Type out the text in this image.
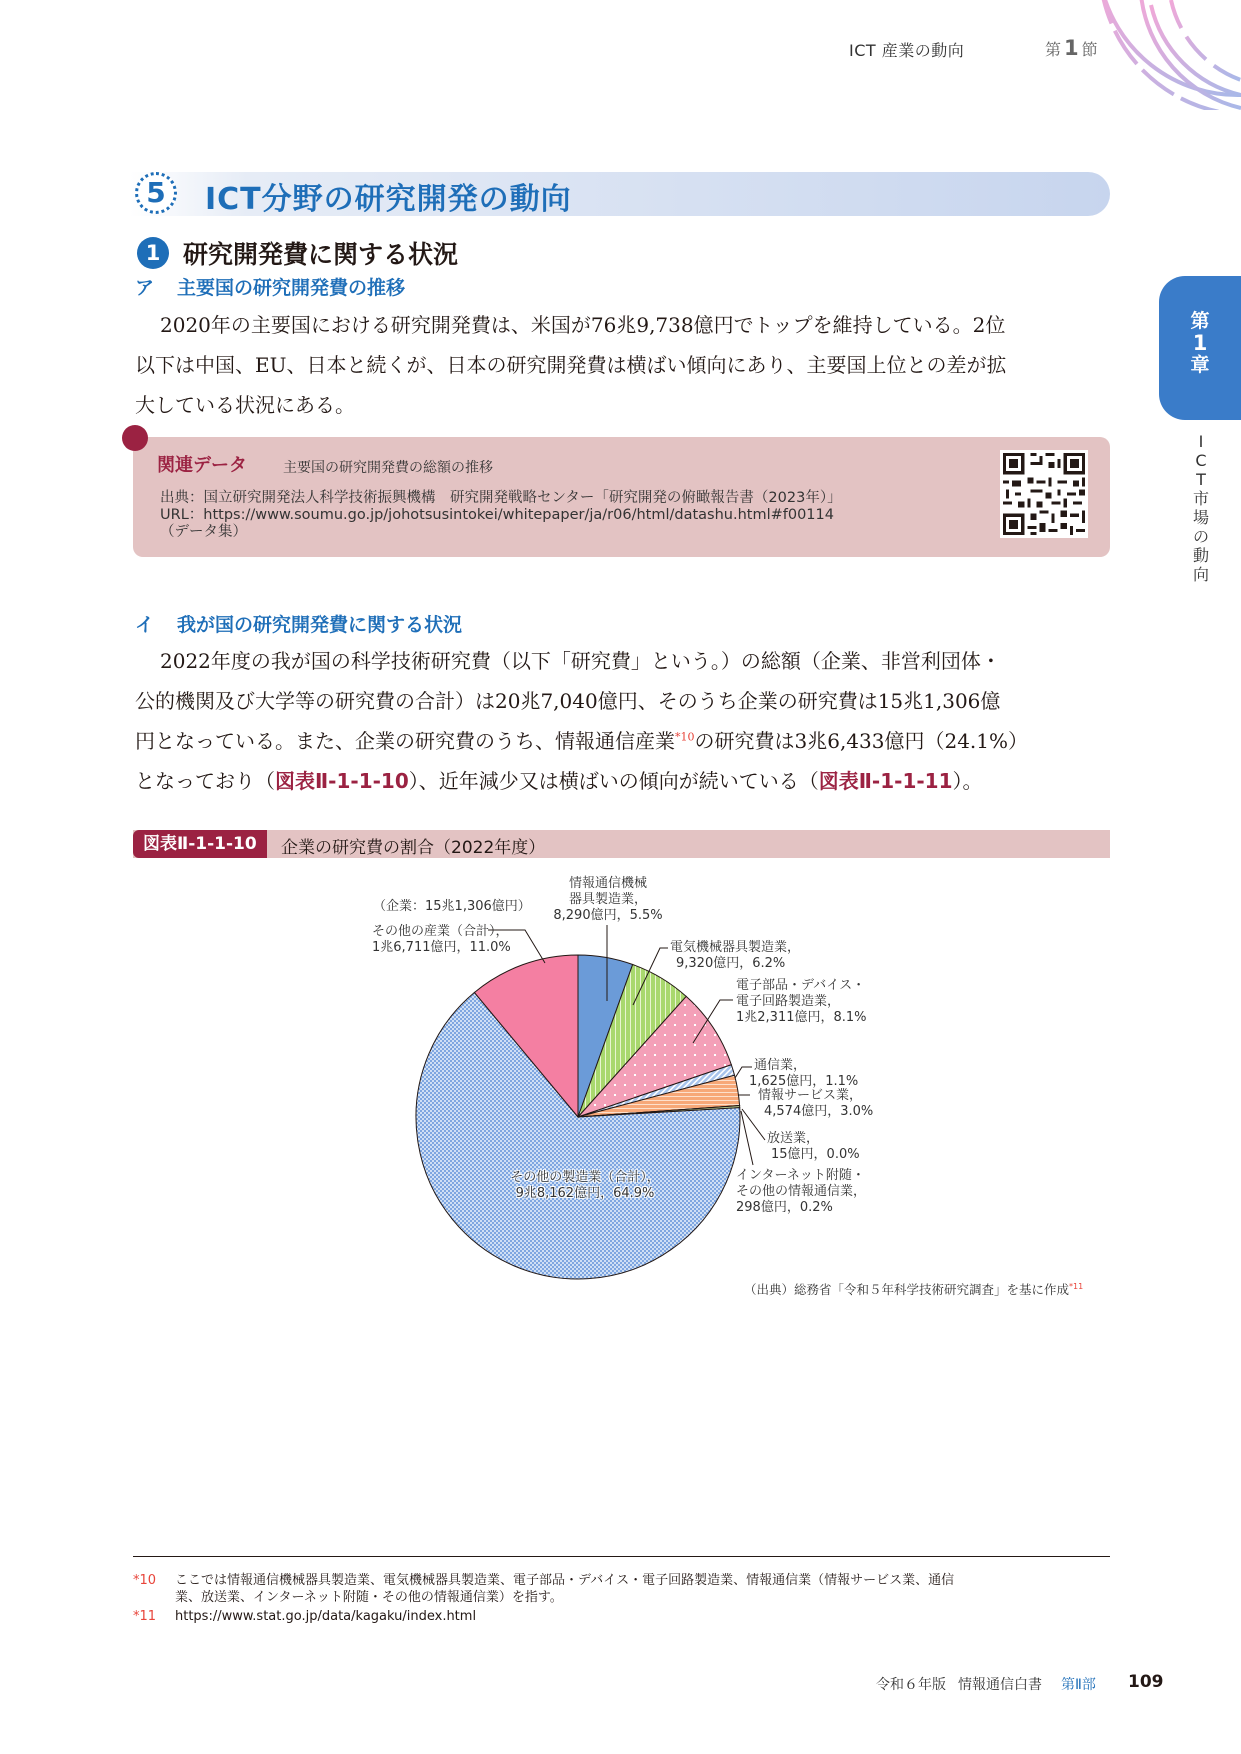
ICT 産業の動向	第 1 節
第
1
章
I
C
T
市
場
の
動
向
5	ICT分野の研究開発の動向
1 研究開発費に関する状況
ア 主要国の研究開発費の推移
2020年の主要国における研究開発費は、米国が76兆9,738億円でトップを維持している。2位
以下は中国、EU、日本と続くが、日本の研究開発費は横ばい傾向にあり、主要国上位との差が拡
大している状況にある。
関連データ	主要国の研究開発費の総額の推移
出典：国立研究開発法人科学技術振興機構　研究開発戦略センター「研究開発の俯瞰報告書（2023年）」
URL：https://www.soumu.go.jp/johotsusintokei/whitepaper/ja/r06/html/datashu.html#f00114
（データ集）
イ 我が国の研究開発費に関する状況
2022年度の我が国の科学技術研究費（以下「研究費」という。）の総額（企業、非営利団体・
公的機関及び大学等の研究費の合計）は20兆7,040億円、そのうち企業の研究費は15兆1,306億
円となっている。また、企業の研究費のうち、情報通信産業$^{*10}$の研究費は3兆6,433億円（24.1%）
となっており（図表Ⅱ-1-1-10）、近年減少又は横ばいの傾向が続いている（図表Ⅱ-1-1-11）。
図表Ⅱ-1-1-10	企業の研究費の割合（2022年度）
（企業：15兆1,306億円）
情報通信機械
器具製造業，
8,290億円，5.5%
その他の産業（合計），
1兆6,711億円，11.0%	電気機械器具製造業，
9,320億円，6.2%
電子部品・デバイス・
電子回路製造業，
1兆2,311億円，8.1%
通信業，
1,625億円，1.1%
情報サービス業，
4,574億円，3.0%
放送業，
15億円，0.0%
インターネット附随・
その他の情報通信業，
298億円，0.2%
その他の製造業（合計），
9兆8,162億円，64.9%
（出典）総務省「令和５年科学技術研究調査」を基に作成$^{*11}$
*10 ここでは情報通信機械器具製造業、電気機械器具製造業、電子部品・デバイス・電子回路製造業、情報通信業（情報サービス業、通信
業、放送業、インターネット附随・その他の情報通信業）を指す。
*11 https://www.stat.go.jp/data/kagaku/index.html
令和６年版 情報通信白書 第Ⅱ部 109
